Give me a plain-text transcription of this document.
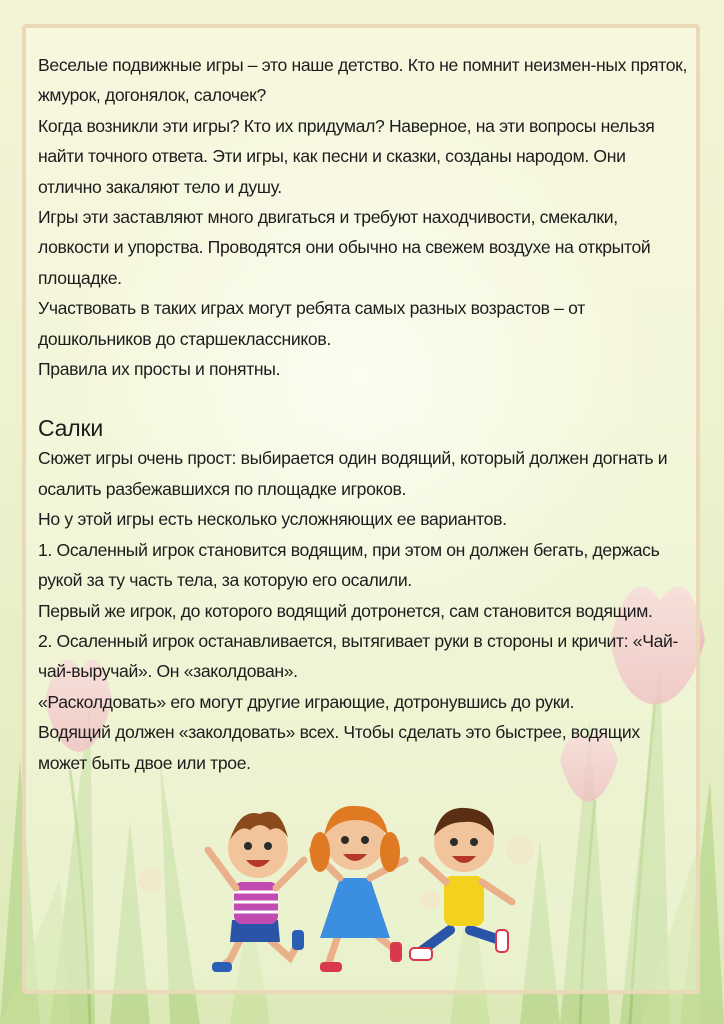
Веселые подвижные игры – это наше детство. Кто не помнит неизмен-ных пряток, жмурок, догонялок, салочек?

Когда возникли эти игры? Кто их придумал? Наверное, на эти вопросы нельзя найти точного ответа. Эти игры, как песни и сказки, созданы народом. Они отлично закаляют тело и душу.

Игры эти заставляют много двигаться и требуют находчивости, смекалки, ловкости и упорства. Проводятся они обычно на свежем воздухе на открытой площадке.

Участвовать в таких играх могут ребята самых разных возрастов – от дошкольников до старшеклассников.

Правила их просты и понятны.

Салки

Сюжет игры очень прост: выбирается один водящий, который должен догнать и осалить разбежавшихся по площадке игроков.

Но у этой игры есть несколько усложняющих ее вариантов.

1. Осаленный игрок становится водящим, при этом он должен бегать, держась рукой за ту часть тела, за которую его осалили.

Первый же игрок, до которого водящий дотронется, сам становится водящим.

2. Осаленный игрок останавливается, вытягивает руки в стороны и кричит: «Чай-чай-выручай». Он «заколдован».

«Расколдовать» его могут другие играющие, дотронувшись до руки.

Водящий должен «заколдовать» всех. Чтобы сделать это быстрее, водящих может быть двое или трое.
